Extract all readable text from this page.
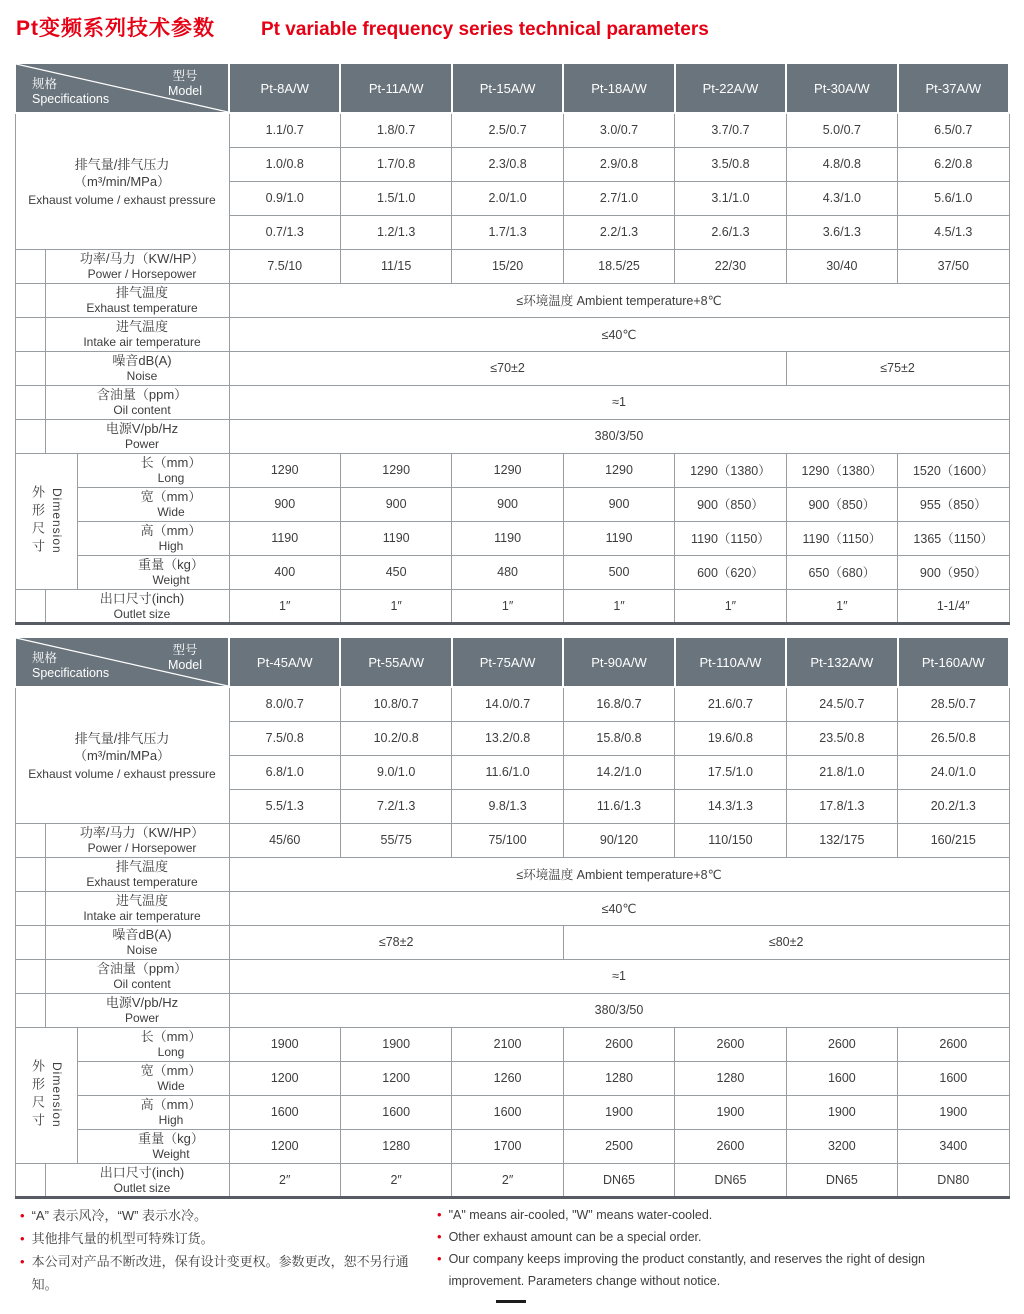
Pt变频系列技术参数 Pt variable frequency series technical parameters
型号
Model
规格
Specifications			Pt-8A/W	Pt-11A/W	Pt-15A/W	Pt-18A/W	Pt-22A/W	Pt-30A/W	Pt-37A/W

排气量/排气压力
（m³/min/MPa）
Exhaust volume / exhaust pressure			1.1/0.7	1.8/0.7	2.5/0.7	3.0/0.7	3.7/0.7	5.0/0.7	6.5/0.7
			1.0/0.8	1.7/0.8	2.3/0.8	2.9/0.8	3.5/0.8	4.8/0.8	6.2/0.8
			0.9/1.0	1.5/1.0	2.0/1.0	2.7/1.0	3.1/1.0	4.3/1.0	5.6/1.0
			0.7/1.3	1.2/1.3	1.7/1.3	2.2/1.3	2.6/1.3	3.6/1.3	4.5/1.3

	功率/马力（KW/HP）
Power / Horsepower		7.5/10	11/15	15/20	18.5/25	22/30	30/40	37/50

	排气温度
Exhaust temperature		≤环境温度 Ambient temperature+8℃						

	进气温度
Intake air temperature		≤40℃						

	噪音dB(A)
Noise		≤70±2					≤75±2	

	含油量（ppm）
Oil content		≈1						

	电源V/pb/Hz
Power		380/3/50						

外形尺寸 Dimension

长（mm）
Long
	1290	1290	1290	1290	1290（1380）	1290（1380）	1520（1600）

		宽（mm）
Wide	900	900	900	900	900（850）	900（850）	955（850）

		高（mm）
High	1190	1190	1190	1190	1190（1150）	1190（1150）	1365（1150）

		重量（kg）
Weight	400	450	480	500	600（620）	650（680）	900（950）

	出口尺寸(inch)
Outlet size		1″	1″	1″	1″	1″	1″	1-1/4″
型号
Model
规格
Specifications			Pt-45A/W	Pt-55A/W	Pt-75A/W	Pt-90A/W	Pt-110A/W	Pt-132A/W	Pt-160A/W

排气量/排气压力
（m³/min/MPa）
Exhaust volume / exhaust pressure			8.0/0.7	10.8/0.7	14.0/0.7	16.8/0.7	21.6/0.7	24.5/0.7	28.5/0.7
			7.5/0.8	10.2/0.8	13.2/0.8	15.8/0.8	19.6/0.8	23.5/0.8	26.5/0.8
			6.8/1.0	9.0/1.0	11.6/1.0	14.2/1.0	17.5/1.0	21.8/1.0	24.0/1.0
			5.5/1.3	7.2/1.3	9.8/1.3	11.6/1.3	14.3/1.3	17.8/1.3	20.2/1.3

	功率/马力（KW/HP）
Power / Horsepower		45/60	55/75	75/100	90/120	110/150	132/175	160/215

	排气温度
Exhaust temperature		≤环境温度 Ambient temperature+8℃						

	进气温度
Intake air temperature		≤40℃						

	噪音dB(A)
Noise		≤78±2			≤80±2			

	含油量（ppm）
Oil content		≈1						

	电源V/pb/Hz
Power		380/3/50						

外形尺寸 Dimension

长（mm）
Long
	1900	1900	2100	2600	2600	2600	2600

		宽（mm）
Wide	1200	1200	1260	1280	1280	1600	1600

		高（mm）
High	1600	1600	1600	1900	1900	1900	1900

		重量（kg）
Weight	1200	1280	1700	2500	2600	3200	3400

	出口尺寸(inch)
Outlet size		2″	2″	2″	DN65	DN65	DN65	DN80
• “A” 表示风冷，“W” 表示水冷。
• 其他排气量的机型可特殊订货。
• 本公司对产品不断改进，保有设计变更权。参数更改，恕不另行通知。
• "A" means air-cooled, "W" means water-cooled.
• Other exhaust amount can be a special order.
• Our company keeps improving the product constantly, and reserves the right of design improvement. Parameters change without notice.
